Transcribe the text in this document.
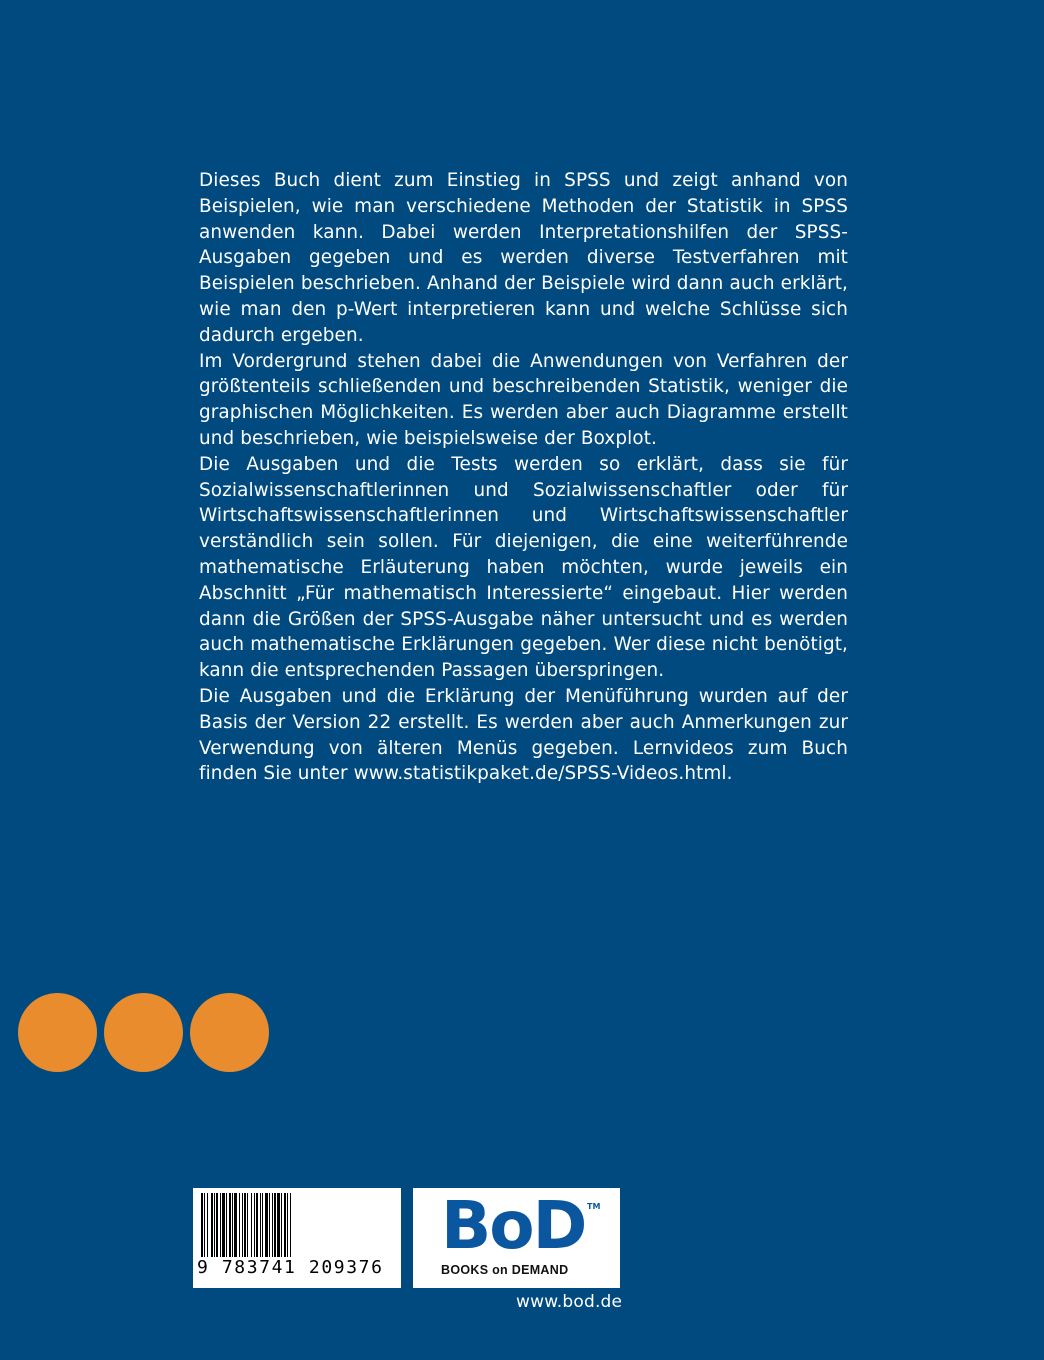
Dieses Buch dient zum Einstieg in SPSS und zeigt anhand von Beispielen, wie man verschiedene Methoden der Statistik in SPSS anwenden kann. Dabei werden Interpretationshilfen der SPSS-Ausgaben gegeben und es werden diverse Testverfahren mit Beispielen beschrieben. Anhand der Beispiele wird dann auch erklärt, wie man den p-Wert interpretieren kann und welche Schlüsse sich dadurch ergeben.

Im Vordergrund stehen dabei die Anwendungen von Verfahren der größtenteils schließenden und beschreibenden Statistik, weniger die graphischen Möglichkeiten. Es werden aber auch Diagramme erstellt und beschrieben, wie beispielsweise der Boxplot.

Die Ausgaben und die Tests werden so erklärt, dass sie für Sozialwissenschaftlerinnen und Sozialwissenschaftler oder für Wirtschaftswissenschaftlerinnen und Wirtschaftswissenschaftler verständlich sein sollen. Für diejenigen, die eine weiterführende mathematische Erläuterung haben möchten, wurde jeweils ein Abschnitt „Für mathematisch Interessierte“ eingebaut. Hier werden dann die Größen der SPSS-Ausgabe näher untersucht und es werden auch mathematische Erklärungen gegeben. Wer diese nicht benötigt, kann die entsprechenden Passagen überspringen.

Die Ausgaben und die Erklärung der Menüführung wurden auf der Basis der Version 22 erstellt. Es werden aber auch Anmerkungen zur Verwendung von älteren Menüs gegeben. Lernvideos zum Buch finden Sie unter www.statistikpaket.de/SPSS-Videos.html.

9 783741 209376
BoD TM
BOOKS on DEMAND
www.bod.de
